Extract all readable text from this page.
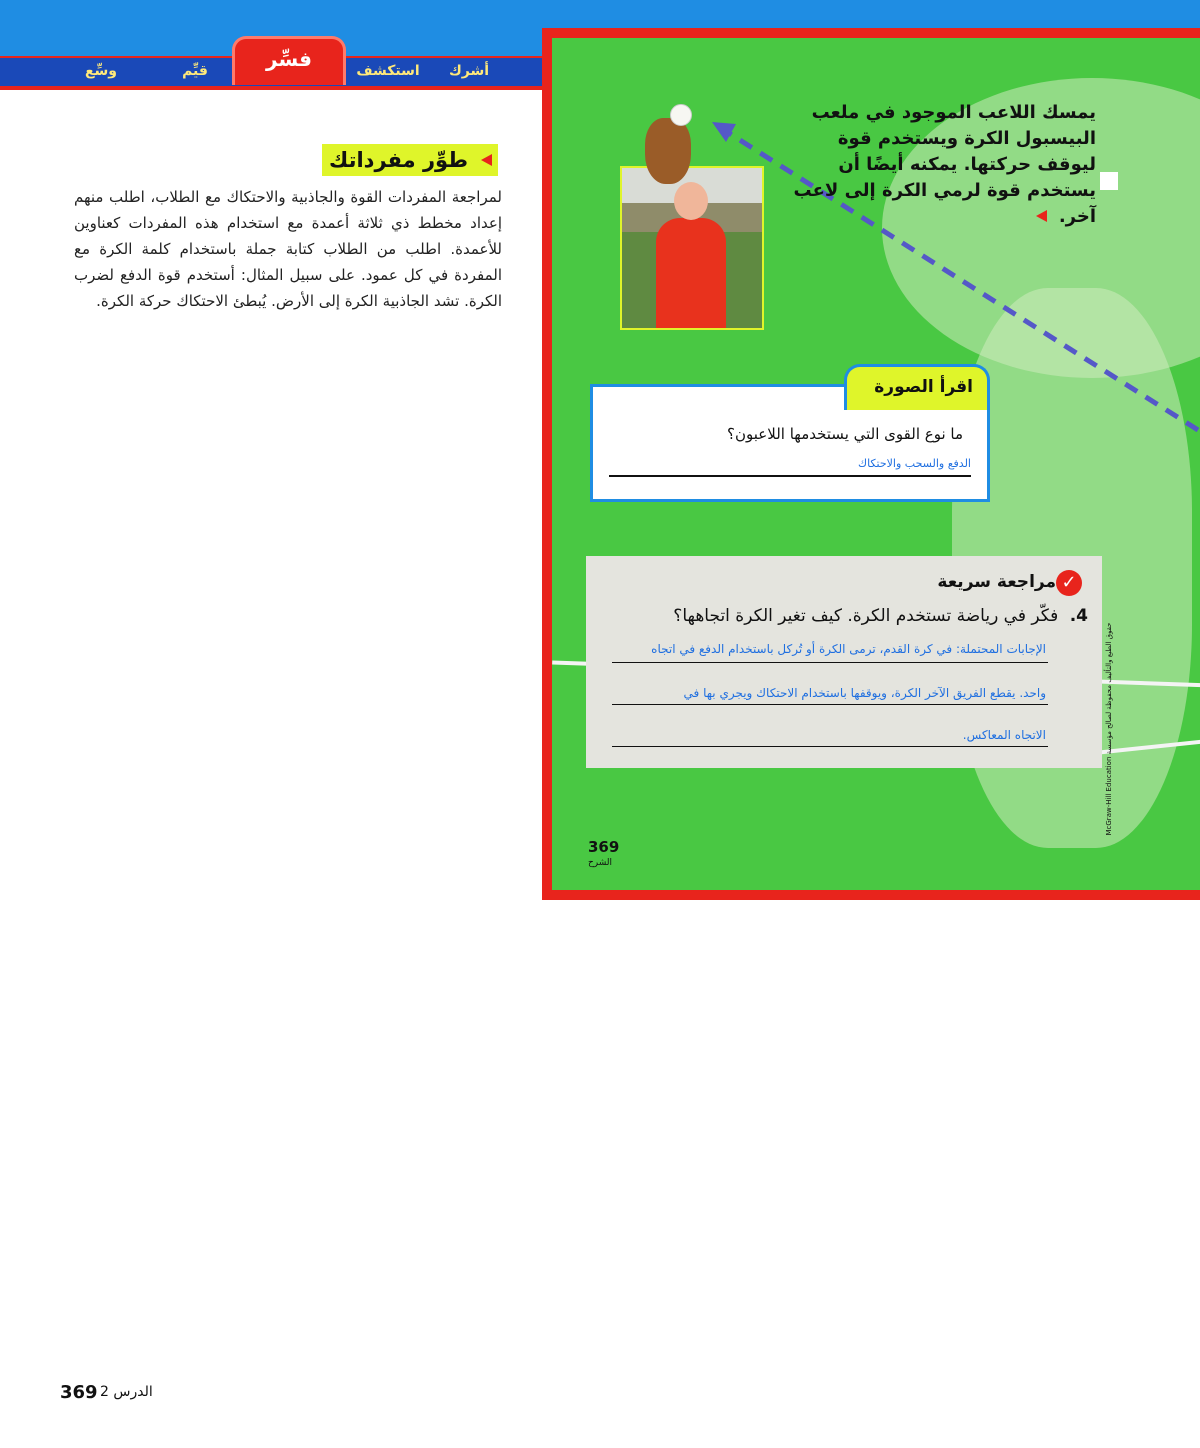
أشرك
استكشف
فسِّر
قيِّم
وسِّع
طوِّر مفرداتك
لمراجعة المفردات القوة والجاذبية والاحتكاك مع الطلاب، اطلب منهم إعداد مخطط ذي ثلاثة أعمدة مع استخدام هذه المفردات كعناوين للأعمدة. اطلب من الطلاب كتابة جملة باستخدام كلمة الكرة مع المفردة في كل عمود. على سبيل المثال: أستخدم قوة الدفع لضرب الكرة. تشد الجاذبية الكرة إلى الأرض. يُبطئ الاحتكاك حركة الكرة.
369 الدرس 2
يمسك اللاعب الموجود في ملعب البيسبول الكرة ويستخدم قوة ليوقف حركتها. يمكنه أيضًا أن يستخدم قوة لرمي الكرة إلى لاعب آخر.
ما نوع القوى التي يستخدمها اللاعبون؟
الدفع والسحب والاحتكاك
اقرأ الصورة
✓
مراجعة سريعة
4. فكّر في رياضة تستخدم الكرة. كيف تغير الكرة اتجاهها؟
الإجابات المحتملة: في كرة القدم، ترمى الكرة أو تُركل باستخدام الدفع في اتجاه
واحد. يقطع الفريق الآخر الكرة، ويوقفها باستخدام الاحتكاك ويجري بها في
الاتجاه المعاكس.
McGraw-Hill Education حقوق الطبع والتأليف محفوظة لصالح مؤسسة
369
الشرح
